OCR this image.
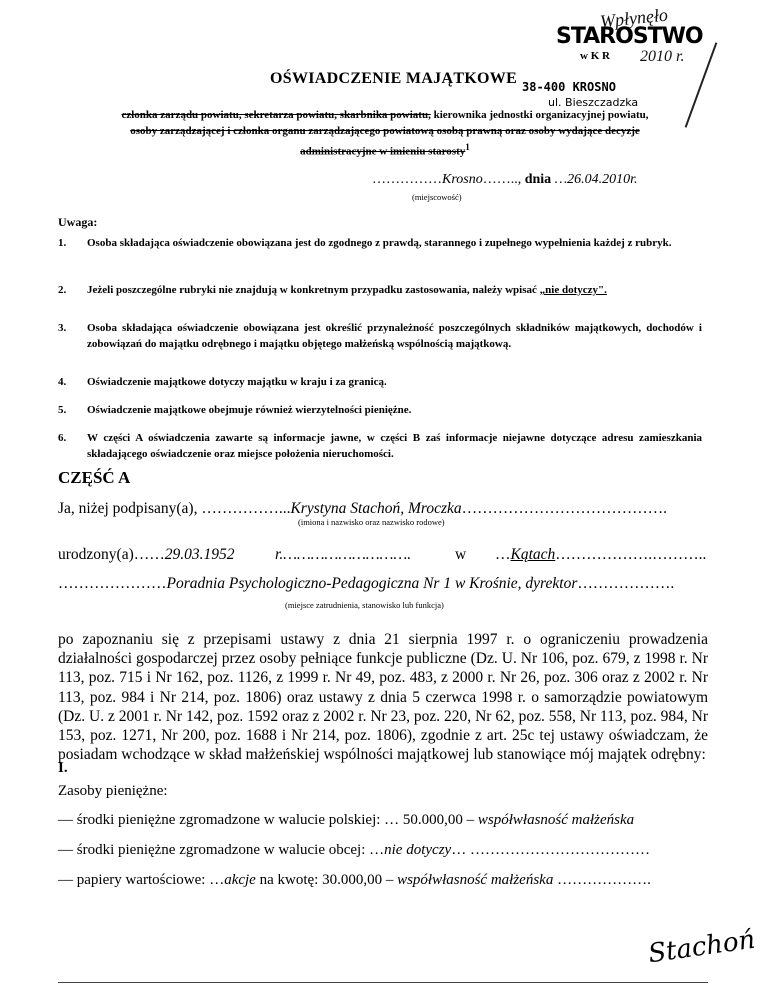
Wpłynęło
STAROSTWO
w K R 2010 r.
38-400 KROSNO
ul. Bieszczadzka
OŚWIADCZENIE MAJĄTKOWE
członka zarządu powiatu, sekretarza powiatu, skarbnika powiatu, kierownika jednostki organizacyjnej powiatu,
osoby zarządzającej i członka organu zarządzającego powiatową osobą prawną oraz osoby wydające decyzje
administracyjne w imieniu starosty$^1$
……………Krosno…….., dnia …26.04.2010r.
(miejscowość)
Uwaga:
1. Osoba składająca oświadczenie obowiązana jest do zgodnego z prawdą, starannego i zupełnego wypełnienia każdej z rubryk.
2. Jeżeli poszczególne rubryki nie znajdują w konkretnym przypadku zastosowania, należy wpisać „nie dotyczy".
3. Osoba składająca oświadczenie obowiązana jest określić przynależność poszczególnych składników majątkowych, dochodów i zobowiązań do majątku odrębnego i majątku objętego małżeńską wspólnością majątkową.
4. Oświadczenie majątkowe dotyczy majątku w kraju i za granicą.
5. Oświadczenie majątkowe obejmuje również wierzytelności pieniężne.
6. W części A oświadczenia zawarte są informacje jawne, w części B zaś informacje niejawne dotyczące adresu zamieszkania składającego oświadczenie oraz miejsce położenia nieruchomości.
CZĘŚĆ A
Ja, niżej podpisany(a), ……………...Krystyna Stachoń, Mroczka………………………………….
(imiona i nazwisko oraz nazwisko rodowe)
urodzony(a)……29.03.1952	r.……………………….	w …Kątach……………….………..
…………………Poradnia Psychologiczno-Pedagogiczna Nr 1 w Krośnie, dyrektor……………….
(miejsce zatrudnienia, stanowisko lub funkcja)
po zapoznaniu się z przepisami ustawy z dnia 21 sierpnia 1997 r. o ograniczeniu prowadzenia działalności gospodarczej przez osoby pełniące funkcje publiczne (Dz. U. Nr 106, poz. 679, z 1998 r. Nr 113, poz. 715 i Nr 162, poz. 1126, z 1999 r. Nr 49, poz. 483, z 2000 r. Nr 26, poz. 306 oraz z 2002 r. Nr 113, poz. 984 i Nr 214, poz. 1806) oraz ustawy z dnia 5 czerwca 1998 r. o samorządzie powiatowym (Dz. U. z 2001 r. Nr 142, poz. 1592 oraz z 2002 r. Nr 23, poz. 220, Nr 62, poz. 558, Nr 113, poz. 984, Nr 153, poz. 1271, Nr 200, poz. 1688 i Nr 214, poz. 1806), zgodnie z art. 25c tej ustawy oświadczam, że posiadam wchodzące w skład małżeńskiej wspólności majątkowej lub stanowiące mój majątek odrębny:
I.
Zasoby pieniężne:
— środki pieniężne zgromadzone w walucie polskiej: … 50.000,00 – współwłasność małżeńska
— środki pieniężne zgromadzone w walucie obcej: …nie dotyczy… ………………………………
— papiery wartościowe: …akcje na kwotę: 30.000,00 – współwłasność małżeńska ……………….
Stachoń
